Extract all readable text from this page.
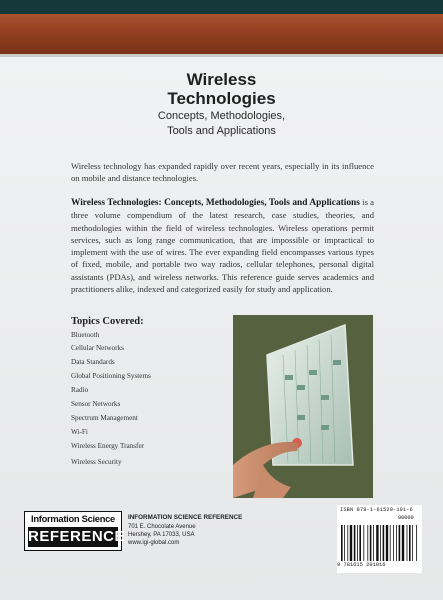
Wireless
Technologies
Concepts, Methodologies,
Tools and Applications
Wireless technology has expanded rapidly over recent years, especially in its influence on mobile and distance technologies.
Wireless Technologies: Concepts, Methodologies, Tools and Applications is a three volume compendium of the latest research, case studies, theories, and methodologies within the field of wireless technologies. Wireless operations permit services, such as long range communication, that are impossible or impractical to implement with the use of wires. The ever expanding field encompasses various types of fixed, mobile, and portable two way radios, cellular telephones, personal digital assistants (PDAs), and wireless networks. This reference guide serves academics and practitioners alike, indexed and categorized easily for study and application.
Topics Covered:
Bluetooth
Cellular Networks
Data Standards
Global Positioning Systems
Radio
Sensor Networks
Spectrum Management
Wi-Fi
Wireless Energy Transfer
Wireless Security
Information Science
REFERENCE
INFORMATION SCIENCE REFERENCE
701 E. Chocolate Avenue
Hershey, PA 17033, USA
www.igi-global.com
ISBN 978-1-61520-101-6
90000
9 781615 201016
